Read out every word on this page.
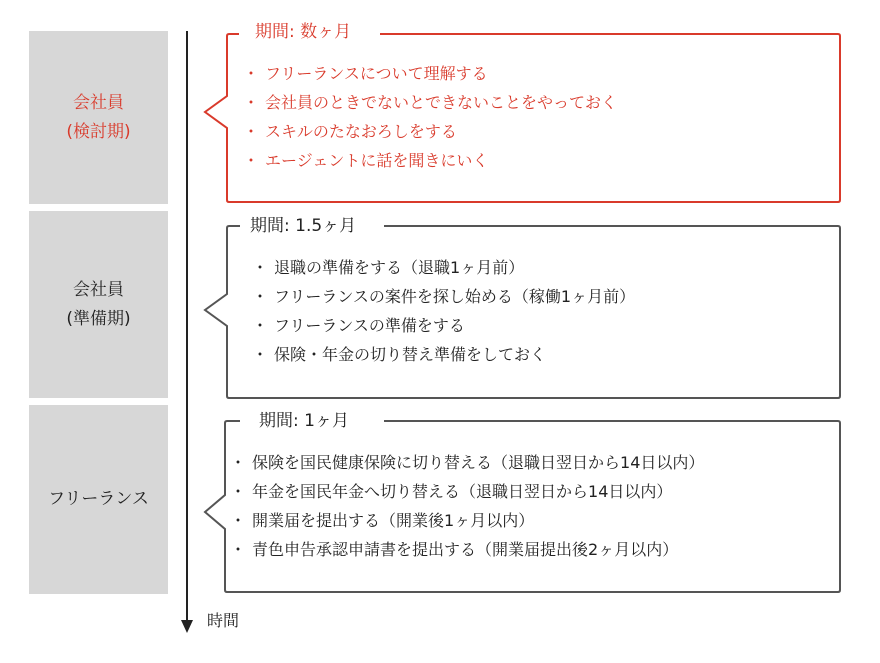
会社員
(検討期)
会社員
(準備期)
フリーランス
期間: 数ヶ月
期間: 1.5ヶ月
期間: 1ヶ月
・ フリーランスについて理解する
・ 会社員のときでないとできないことをやっておく
・ スキルのたなおろしをする
・ エージェントに話を聞きにいく
・ 退職の準備をする（退職1ヶ月前）
・ フリーランスの案件を探し始める（稼働1ヶ月前）
・ フリーランスの準備をする
・ 保険・年金の切り替え準備をしておく
・ 保険を国民健康保険に切り替える（退職日翌日から14日以内）
・ 年金を国民年金へ切り替える（退職日翌日から14日以内）
・ 開業届を提出する（開業後1ヶ月以内）
・ 青色申告承認申請書を提出する（開業届提出後2ヶ月以内）
時間
